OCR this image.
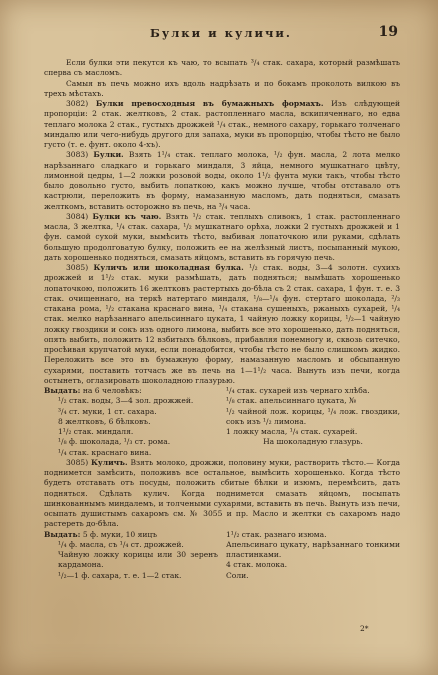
Булки и куличи.	19

Если булки эти пекутся къ чаю, то всыпать ³/₄ стак. сахара, который размѣшать сперва съ масломъ.

Самыя въ печь можно ихъ вдоль надрѣзать и по бокамъ проколоть вилкою въ трехъ мѣстахъ.

3082) Булки превосходныя въ бумажныхъ формахъ. Изъ слѣдующей пропорціи: 2 стак. желтковъ, 2 стак. растопленнаго масла, вскипяченнаго, но едва теплаго молока 2 стак., густыхъ дрожжей ¹/₄ стак., немного сахару, горькаго толченаго миндалю или чего-нибудь другого для запаха, муки въ пропорцію, чтобы тѣсто не было густо (т. е. фунт. около 4-хъ).

3083) Булки. Взять 1¹/₄ стак. теплаго молока, ¹/₂ фун. масла, 2 лота мелко нарѣзаннаго сладкаго и горькаго миндаля, 3 яйца, немного мушкатнаго цвѣту, лимонной цедры, 1—2 ложки розовой воды, около 1¹/₂ фунта муки такъ, чтобы тѣсто было довольно густо, выбить лопаткою, какъ можно лучше, чтобы отставало отъ кастрюли, переложить въ форму, намазанную масломъ, дать подняться, смазать желткомъ, вставить осторожно въ печь, на ³/₄ часа.

3084) Булки къ чаю. Взять ¹/₂ стак. теплыхъ сливокъ, 1 стак. растопленнаго масла, 3 желтка, ¹/₄ стак. сахара, ¹/₂ мушкатнаго орѣха, ложки 2 густыхъ дрожжей и 1 фун. самой сухой муки, вымѣсить тѣсто, выбивая лопаточкою или руками, сдѣлать большую продолговатую булку, положить ее на желѣзный листъ, посыпанный мукою, дать хорошенько подняться, смазать яйцомъ, вставить въ горячую печь.

3085) Куличъ или шоколадная булка. ¹/₂ стак. воды, 3—4 золотн. сухихъ дрожжей и 1¹/₂ стак. муки размѣшать, дать подняться; вымѣшать хорошенько лопаточкою, положить 16 желтковъ растертыхъ до-бѣла съ 2 стак. сахара, 1 фун. т. е. 3 стак. очищеннаго, на теркѣ натертаго миндаля, ¹/₈—¹/₄ фун. стертаго шоколада, ²/₃ стакана рома, ¹/₂ стакана краснаго вина, ¹/₄ стакана сушеныхъ, ржаныхъ сухарей, ¹/₄ стак. мелко нарѣзаннаго апельсиннаго цуката, 1 чайную ложку корицы, ¹/₂—1 чайную ложку гвоздики и сокъ изъ одного лимона, выбить все это хорошенько, дать подняться, опять выбить, положить 12 взбитыхъ бѣлковъ, прибавляя понемногу и, сквозь ситечко, просѣивая крупчатой муки, если понадобится, чтобы тѣсто не было слишкомъ жидко. Переложить все это въ бумажную форму, намазанную масломъ и обсыпанную сухарями, поставить тотчасъ же въ печь на 1—1¹/₂ часа. Вынуть изъ печи, когда остынетъ, оглазировать шоколадною глазурью.

Выдать: на 6 человѣкъ:
¹/₂ стак. воды, 3—4 зол. дрожжей.
³/₄ ст. муки, 1 ст. сахара.
8 желтковъ, 6 бѣлковъ.
1¹/₂ стак. миндаля.
¹/₈ ф. шоколада, ¹/₃ ст. рома.
¹/₄ стак. краснаго вина.
¹/₄ стак. сухарей изъ чернаго хлѣба.
¹/₈ стак. апельсиннаго цуката, №
¹/₂ чайной лож. корицы, ¹/₄ лож. гвоздики, сокъ изъ ¹/₂ лимона.
1 ложку масла, ¹/₄ стак. сухарей.
На шоколадную глазурь.

3085) Куличъ. Взять молоко, дрожжи, половину муки, растворить тѣсто.— Когда поднимется замѣсить, положивъ все остальное, вымѣсить хорошенько. Когда тѣсто будетъ отставать отъ посуды, положить сбитые бѣлки и изюмъ, перемѣсить, дать подняться. Сдѣлать кулич. Когда поднимется смазать яйцомъ, посыпать шинкованнымъ миндалемъ, и толчеными сухарями, вставить въ печь. Вынуть изъ печи, осыпать душистымъ сахаромъ см. № 3055 и пр. Масло и желтки съ сахаромъ надо растереть до-бѣла.

Выдать: 5 ф. муки, 10 яицъ
¹/₄ ф. масла, съ ¹/₄ ст. дрожжей.
Чайную ложку корицы или 30 зеренъ кардамона.
¹/₂—1 ф. сахара, т. е. 1—2 стак.
1¹/₂ стак. разнаго изюма.
Апельсинаго цукату, нарѣзаннаго тонкими пластинками.
4 стак. молока.
Соли.
2*
